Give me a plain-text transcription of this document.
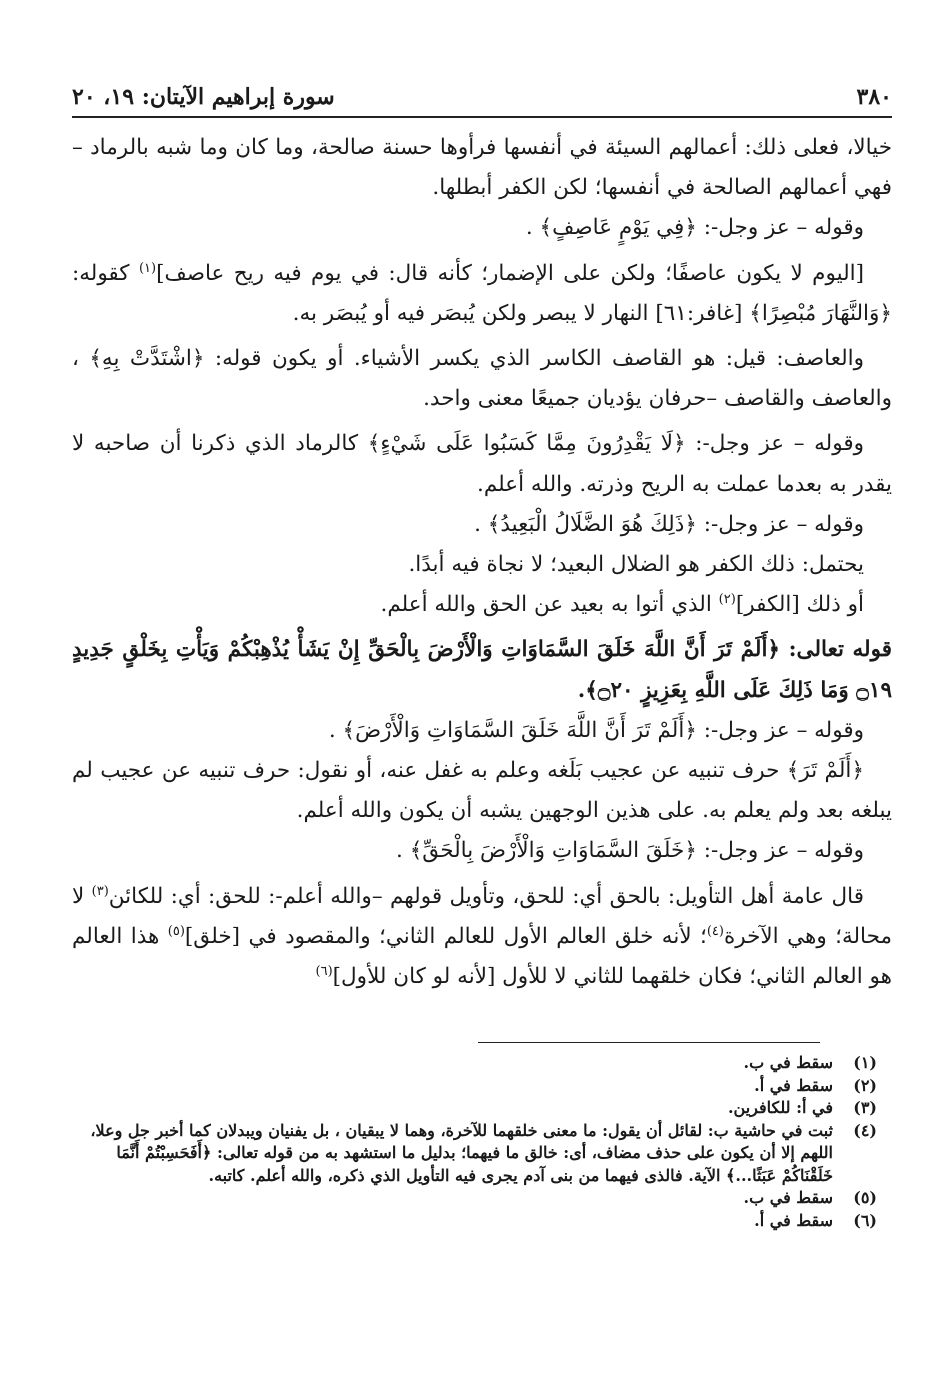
٣٨٠
سورة إبراهيم الآيتان: ١٩، ٢٠

خيالا، فعلى ذلك: أعمالهم السيئة في أنفسها فرأوها حسنة صالحة، وما كان وما شبه بالرماد – فهي أعمالهم الصالحة في أنفسها؛ لكن الكفر أبطلها.

وقوله – عز وجل-: ﴿فِي يَوْمٍ عَاصِفٍ﴾ .

[اليوم لا يكون عاصفًا؛ ولكن على الإضمار؛ كأنه قال: في يوم فيه ريح عاصف]$^{(١)}$ كقوله: ﴿وَالنَّهَارَ مُبْصِرًا﴾ [غافر:٦١] النهار لا يبصر ولكن يُبصَر فيه أو يُبصَر به.

والعاصف: قيل: هو القاصف الكاسر الذي يكسر الأشياء. أو يكون قوله: ﴿اشْتَدَّتْ بِهِ﴾ ، والعاصف والقاصف –حرفان يؤديان جميعًا معنى واحد.

وقوله – عز وجل-: ﴿لَا يَقْدِرُونَ مِمَّا كَسَبُوا عَلَى شَيْءٍ﴾ كالرماد الذي ذكرنا أن صاحبه لا يقدر به بعدما عملت به الريح وذرته. والله أعلم.

وقوله – عز وجل-: ﴿ذَلِكَ هُوَ الضَّلَالُ الْبَعِيدُ﴾ .

يحتمل: ذلك الكفر هو الضلال البعيد؛ لا نجاة فيه أبدًا.

أو ذلك [الكفر]$^{(٢)}$ الذي أتوا به بعيد عن الحق والله أعلم.

قوله تعالى: ﴿أَلَمْ تَرَ أَنَّ اللَّهَ خَلَقَ السَّمَاوَاتِ وَالْأَرْضَ بِالْحَقِّ إِنْ يَشَأْ يُذْهِبْكُمْ وَيَأْتِ بِخَلْقٍ جَدِيدٍ ۝١٩ وَمَا ذَلِكَ عَلَى اللَّهِ بِعَزِيزٍ ۝٢٠﴾.

وقوله – عز وجل-: ﴿أَلَمْ تَرَ أَنَّ اللَّهَ خَلَقَ السَّمَاوَاتِ وَالْأَرْضَ﴾ .

﴿أَلَمْ تَرَ﴾ حرف تنبيه عن عجيب بَلَغه وعلم به غفل عنه، أو نقول: حرف تنبيه عن عجيب لم يبلغه بعد ولم يعلم به. على هذين الوجهين يشبه أن يكون والله أعلم.

وقوله – عز وجل-: ﴿خَلَقَ السَّمَاوَاتِ وَالْأَرْضَ بِالْحَقِّ﴾ .

قال عامة أهل التأويل: بالحق أي: للحق، وتأويل قولهم –والله أعلم-: للحق: أي: للكائن$^{(٣)}$ لا محالة؛ وهي الآخرة$^{(٤)}$؛ لأنه خلق العالم الأول للعالم الثاني؛ والمقصود في [خلق]$^{(٥)}$ هذا العالم هو العالم الثاني؛ فكان خلقهما للثاني لا للأول [لأنه لو كان للأول]$^{(٦)}$

(١)
سقط في ب.

(٢)
سقط في أ.

(٣)
في أ: للكافرين.

(٤)
ثبت في حاشية ب: لقائل أن يقول: ما معنى خلقهما للآخرة، وهما لا يبقيان ، بل يفنيان ويبدلان كما أخبر جل وعلا، اللهم إلا أن يكون على حذف مضاف، أى: خالق ما فيهما؛ بدليل ما استشهد به من قوله تعالى: ﴿أَفَحَسِبْتُمْ أَنَّمَا خَلَقْنَاكُمْ عَبَثًا...﴾ الآية. فالذى فيهما من بنى آدم يجرى فيه التأويل الذي ذكره، والله أعلم. كاتبه.

(٥)
سقط في ب.

(٦)
سقط في أ.
